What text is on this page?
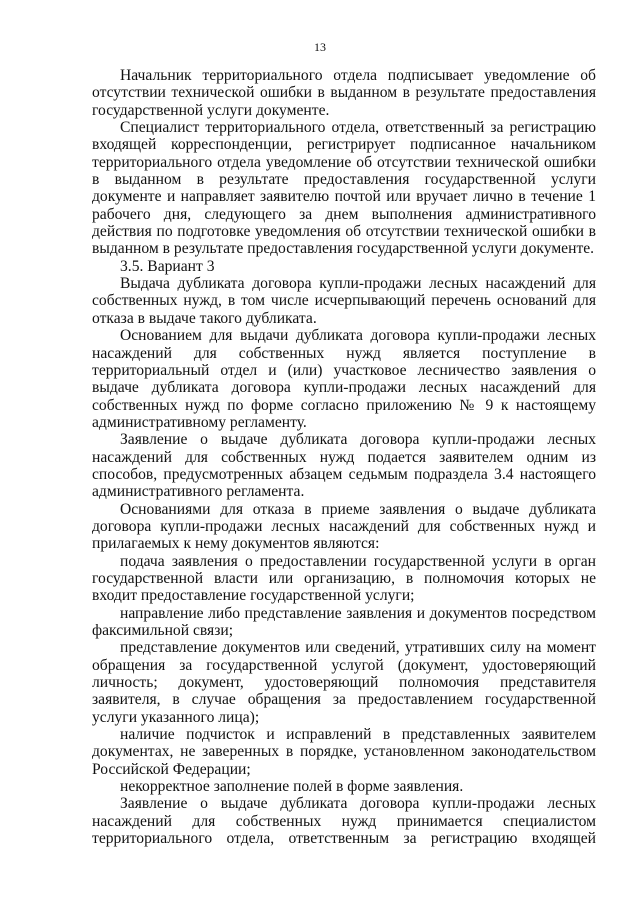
13

Начальник территориального отдела подписывает уведомление об отсутствии технической ошибки в выданном в результате предоставления государственной услуги документе.

Специалист территориального отдела, ответственный за регистрацию входящей корреспонденции, регистрирует подписанное начальником территориального отдела уведомление об отсутствии технической ошибки в выданном в результате предоставления государственной услуги документе и направляет заявителю почтой или вручает лично в течение 1 рабочего дня, следующего за днем выполнения административного действия по подготовке уведомления об отсутствии технической ошибки в выданном в результате предоставления государственной услуги документе.

3.5. Вариант 3

Выдача дубликата договора купли-продажи лесных насаждений для собственных нужд, в том числе исчерпывающий перечень оснований для отказа в выдаче такого дубликата.

Основанием для выдачи дубликата договора купли-продажи лесных насаждений для собственных нужд является поступление в территориальный отдел и (или) участковое лесничество заявления о выдаче дубликата договора купли-продажи лесных насаждений для собственных нужд по форме согласно приложению № 9 к настоящему административному регламенту.

Заявление о выдаче дубликата договора купли-продажи лесных насаждений для собственных нужд подается заявителем одним из способов, предусмотренных абзацем седьмым подраздела 3.4 настоящего административного регламента.

Основаниями для отказа в приеме заявления о выдаче дубликата договора купли-продажи лесных насаждений для собственных нужд и прилагаемых к нему документов являются:

подача заявления о предоставлении государственной услуги в орган государственной власти или организацию, в полномочия которых не входит предоставление государственной услуги;

направление либо представление заявления и документов посредством факсимильной связи;

представление документов или сведений, утративших силу на момент обращения за государственной услугой (документ, удостоверяющий личность; документ, удостоверяющий полномочия представителя заявителя, в случае обращения за предоставлением государственной услуги указанного лица);

наличие подчисток и исправлений в представленных заявителем документах, не заверенных в порядке, установленном законодательством Российской Федерации;

некорректное заполнение полей в форме заявления.

Заявление о выдаче дубликата договора купли-продажи лесных насаждений для собственных нужд принимается специалистом территориального отдела, ответственным за регистрацию входящей
